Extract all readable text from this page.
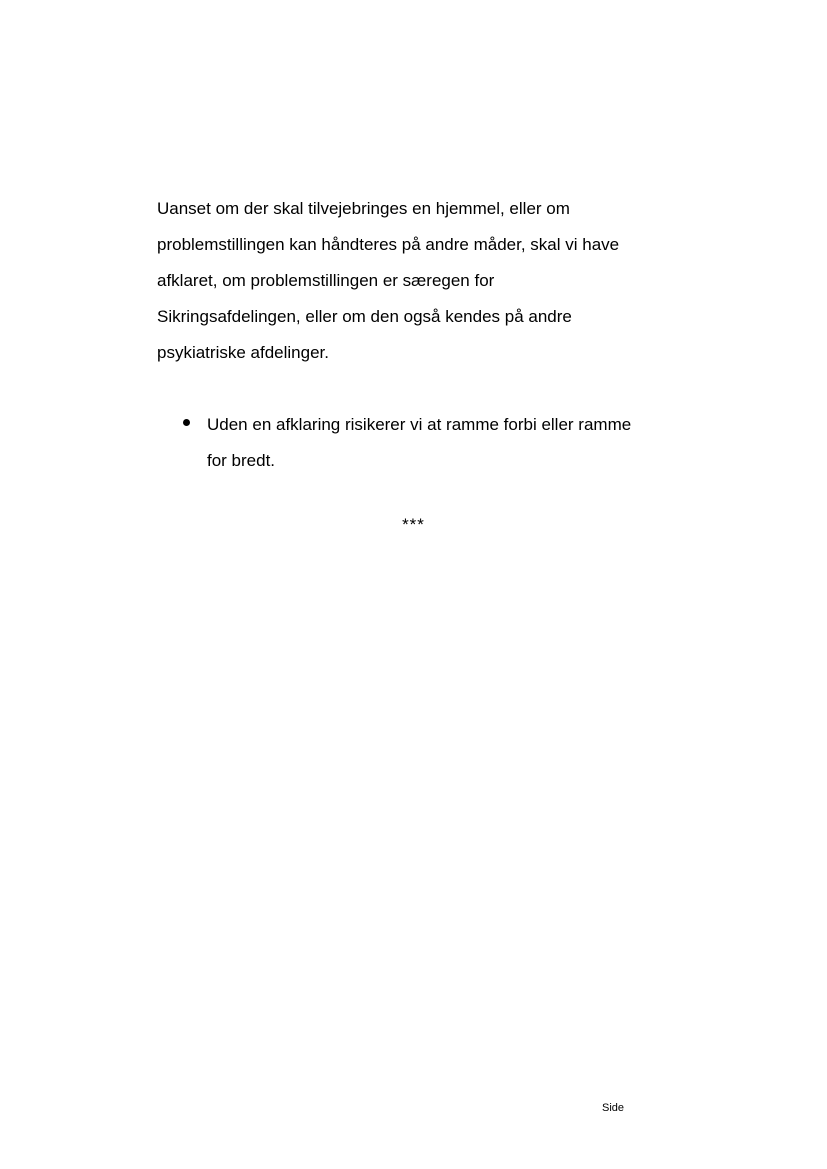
Uanset om der skal tilvejebringes en hjemmel, eller om
problemstillingen kan håndteres på andre måder, skal vi have
afklaret, om problemstillingen er særegen for
Sikringsafdelingen, eller om den også kendes på andre
psykiatriske afdelinger.
Uden en afklaring risikerer vi at ramme forbi eller ramme
for bredt.
***
Side
